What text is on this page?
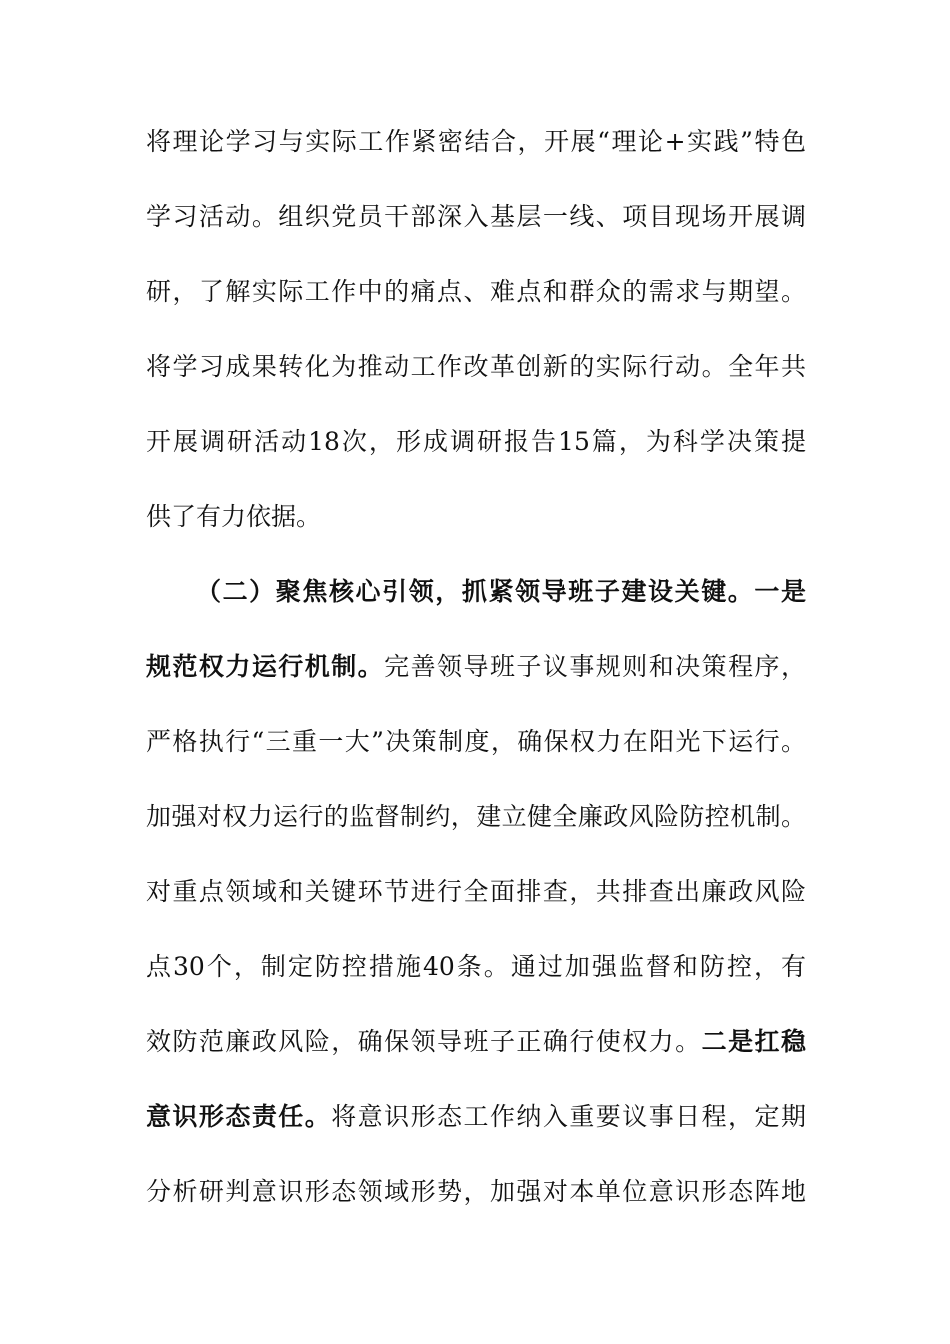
将理论学习与实际工作紧密结合，开展“理论+实践”特色
学习活动。组织党员干部深入基层一线、项目现场开展调
研，了解实际工作中的痛点、难点和群众的需求与期望。
将学习成果转化为推动工作改革创新的实际行动。全年共
开展调研活动18次，形成调研报告15篇，为科学决策提
供了有力依据。
（二）聚焦核心引领，抓紧领导班子建设关键。一是
规范权力运行机制。完善领导班子议事规则和决策程序，
严格执行“三重一大”决策制度，确保权力在阳光下运行。
加强对权力运行的监督制约，建立健全廉政风险防控机制。
对重点领域和关键环节进行全面排查，共排查出廉政风险
点30个，制定防控措施40条。通过加强监督和防控，有
效防范廉政风险，确保领导班子正确行使权力。二是扛稳
意识形态责任。将意识形态工作纳入重要议事日程，定期
分析研判意识形态领域形势，加强对本单位意识形态阵地
